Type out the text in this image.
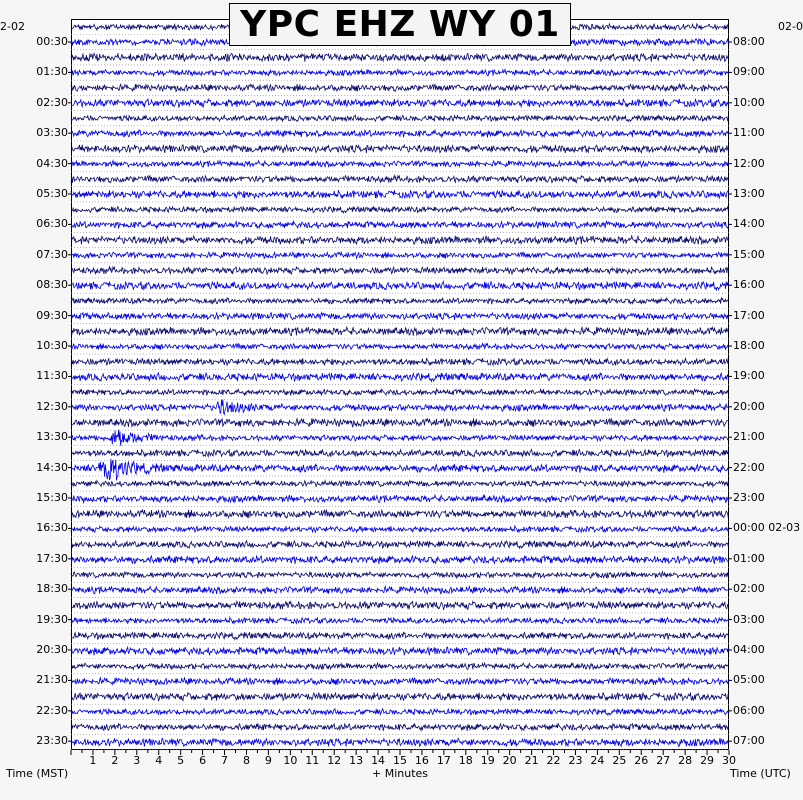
1 2 3 4 5 6 7 8 9 10 11 12 13 14 15 16 17 18 19 20 21 22 23 24 25 26 27 28 29 30
YPC EHZ WY 01
2-02	02-0
00:30
01:30
02:30
03:30
04:30
05:30
06:30
07:30
08:30
09:30
10:30
11:30
12:30
13:30
14:30
15:30
16:30
17:30
18:30
19:30
20:30
21:30
22:30
23:30
08:00
09:00
10:00
11:00
12:00
13:00
14:00
15:00
16:00
17:00
18:00
19:00
20:00
21:00
22:00
23:00
00:00 02-03
01:00
02:00
03:00
04:00
05:00
06:00
07:00
Time (MST)	+ Minutes	Time (UTC)
